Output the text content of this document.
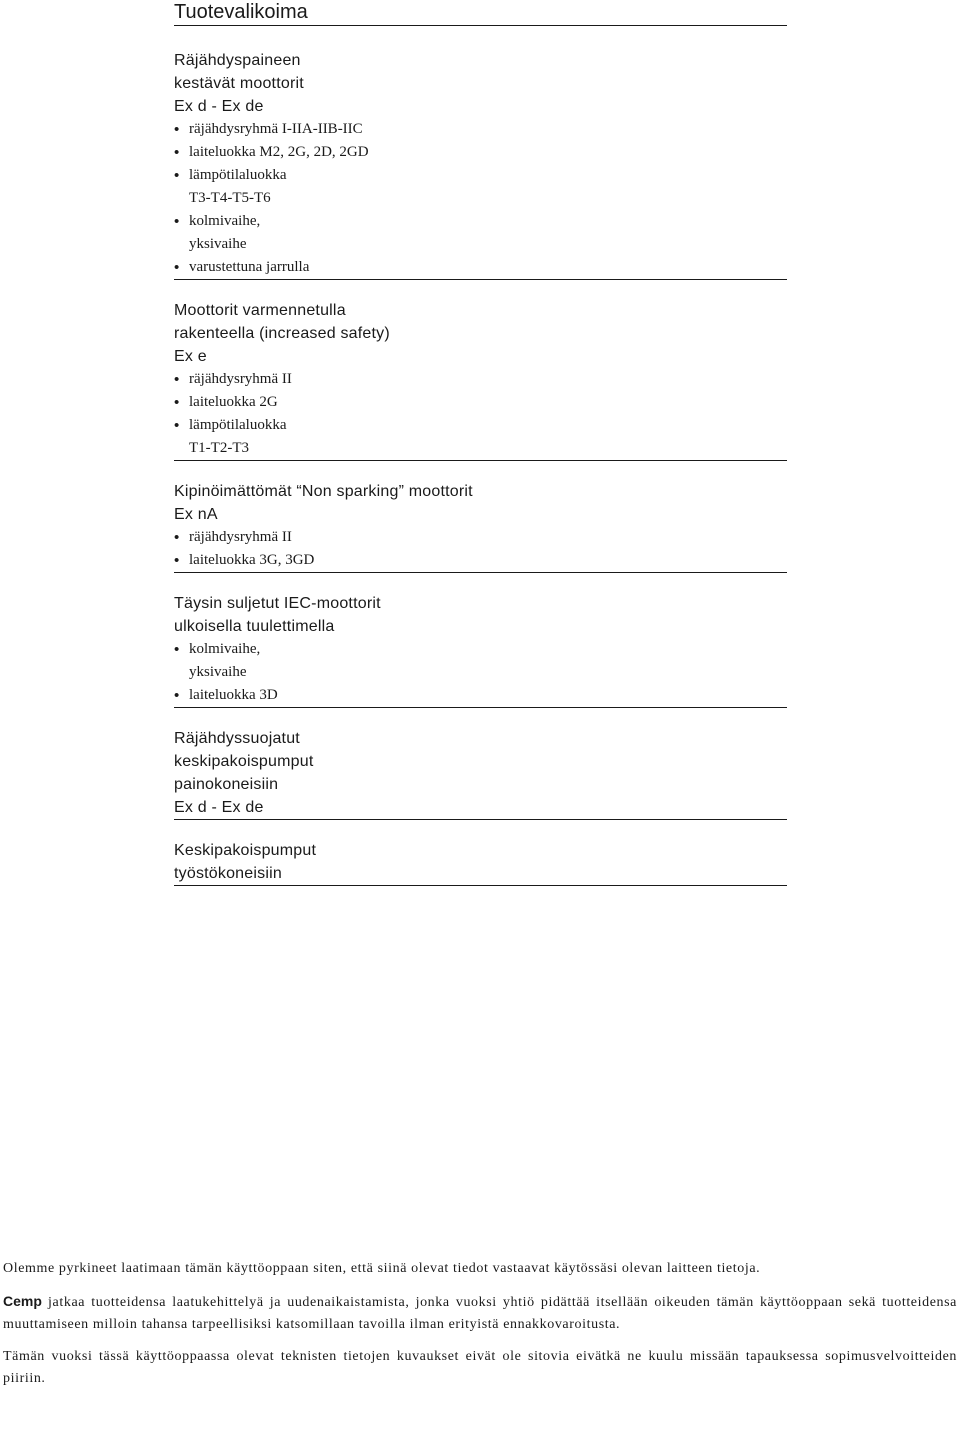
Tuotevalikoima
Räjähdyspaineen
kestävät moottorit
Ex d - Ex de
• räjähdysryhmä I-IIA-IIB-IIC
• laiteluokka M2, 2G, 2D, 2GD
• lämpötilaluokka
T3-T4-T5-T6
• kolmivaihe,
yksivaihe
• varustettuna jarrulla
Moottorit varmennetulla
rakenteella (increased safety)
Ex e
• räjähdysryhmä II
• laiteluokka 2G
• lämpötilaluokka
T1-T2-T3
Kipinöimättömät “Non sparking” moottorit
Ex nA
• räjähdysryhmä II
• laiteluokka 3G, 3GD
Täysin suljetut IEC-moottorit
ulkoisella tuulettimella
• kolmivaihe,
yksivaihe
• laiteluokka 3D
Räjähdyssuojatut
keskipakoispumput
painokoneisiin
Ex d - Ex de
Keskipakoispumput
työstökoneisiin

Olemme pyrkineet laatimaan tämän käyttöoppaan siten, että siinä olevat tiedot vastaavat käytössäsi olevan laitteen tietoja.

Cemp jatkaa tuotteidensa laatukehittelyä ja uudenaikaistamista, jonka vuoksi yhtiö pidättää itsellään oikeuden tämän käyttöoppaan sekä tuotteidensa muuttamiseen milloin tahansa tarpeellisiksi katsomillaan tavoilla ilman erityistä ennakkovaroitusta.

Tämän vuoksi tässä käyttöoppaassa olevat teknisten tietojen kuvaukset eivät ole sitovia eivätkä ne kuulu missään tapauksessa sopimusvelvoitteiden piiriin.
